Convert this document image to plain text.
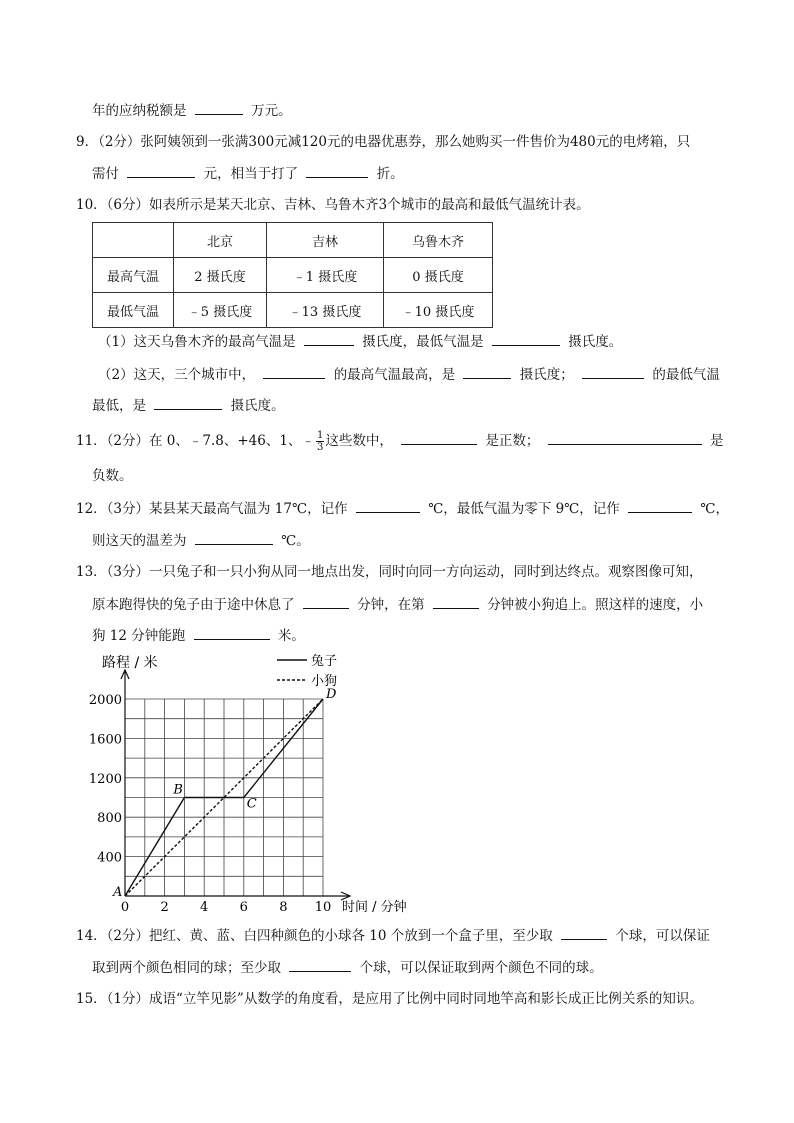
年的应纳税额是	万元。
9．（2分）张阿姨领到一张满300元减120元的电器优惠券，那么她购买一件售价为480元的电烤箱，只
需付	元，相当于打了	折。
10．（6分）如表所示是某天北京、吉林、乌鲁木齐3个城市的最高和最低气温统计表。
	北京	吉林	乌鲁木齐
最高气温	2 摄氏度	﹣1 摄氏度	0 摄氏度
最低气温	﹣5 摄氏度	﹣13 摄氏度	﹣10 摄氏度
（1）这天乌鲁木齐的最高气温是	摄氏度，最低气温是	摄氏度。
（2）这天，三个城市中，	的最高气温最高，是	摄氏度；	的最低气温
最低，是	摄氏度。
11．（2分）在 0、﹣7.8、+46、1、﹣ $\frac{1}{3}$ 这些数中，	是正数；	是
负数。
12．（3分）某县某天最高气温为 17℃，记作	℃，最低气温为零下 9℃，记作	℃，
则这天的温差为	℃。
13．（3分）一只兔子和一只小狗从同一地点出发，同时向同一方向运动，同时到达终点。观察图像可知，
原本跑得快的兔子由于途中休息了	分钟，在第	分钟被小狗追上。照这样的速度，小
狗 12 分钟能跑	米。
400
800
1200
1600
2000
0 2 4 6 8 10
路程 / 米
时间 / 分钟
A
B
C
D
兔子
小狗
14．（2分）把红、黄、蓝、白四种颜色的小球各 10 个放到一个盒子里，至少取	个球，可以保证
取到两个颜色相同的球；至少取	个球，可以保证取到两个颜色不同的球。
15．（1分）成语“立竿见影”从数学的角度看，是应用了比例中同时同地竿高和影长成正比例关系的知识。
